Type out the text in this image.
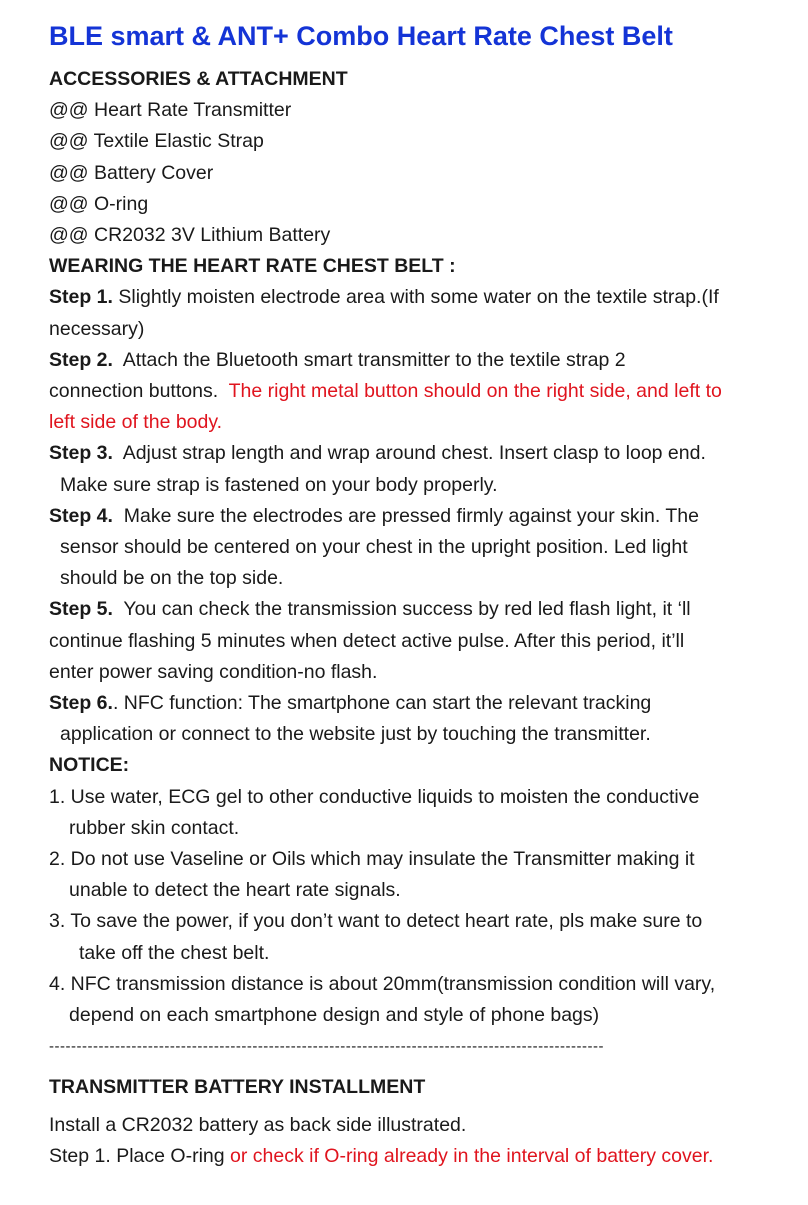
BLE smart & ANT+ Combo Heart Rate Chest Belt
ACCESSORIES & ATTACHMENT
@@ Heart Rate Transmitter
@@ Textile Elastic Strap
@@ Battery Cover
@@ O-ring
@@ CR2032 3V Lithium Battery
WEARING THE HEART RATE CHEST BELT :
Step 1. Slightly moisten electrode area with some water on the textile strap.(If
necessary)
Step 2.  Attach the Bluetooth smart transmitter to the textile strap 2
connection buttons.  The right metal button should on the right side, and left to
left side of the body.
Step 3.  Adjust strap length and wrap around chest. Insert clasp to loop end.
Make sure strap is fastened on your body properly.
Step 4.  Make sure the electrodes are pressed firmly against your skin. The
sensor should be centered on your chest in the upright position. Led light
should be on the top side.
Step 5.  You can check the transmission success by red led flash light, it ‘ll
continue flashing 5 minutes when detect active pulse. After this period, it’ll
enter power saving condition-no flash.
Step 6.. NFC function: The smartphone can start the relevant tracking
application or connect to the website just by touching the transmitter.
NOTICE:
1. Use water, ECG gel to other conductive liquids to moisten the conductive
rubber skin contact.
2. Do not use Vaseline or Oils which may insulate the Transmitter making it
unable to detect the heart rate signals.
3. To save the power, if you don’t want to detect heart rate, pls make sure to
take off the chest belt.
4. NFC transmission distance is about 20mm(transmission condition will vary,
depend on each smartphone design and style of phone bags)
-----------------------------------------------------------------------------------------------------
TRANSMITTER BATTERY INSTALLMENT
Install a CR2032 battery as back side illustrated.
Step 1. Place O-ring or check if O-ring already in the interval of battery cover.
